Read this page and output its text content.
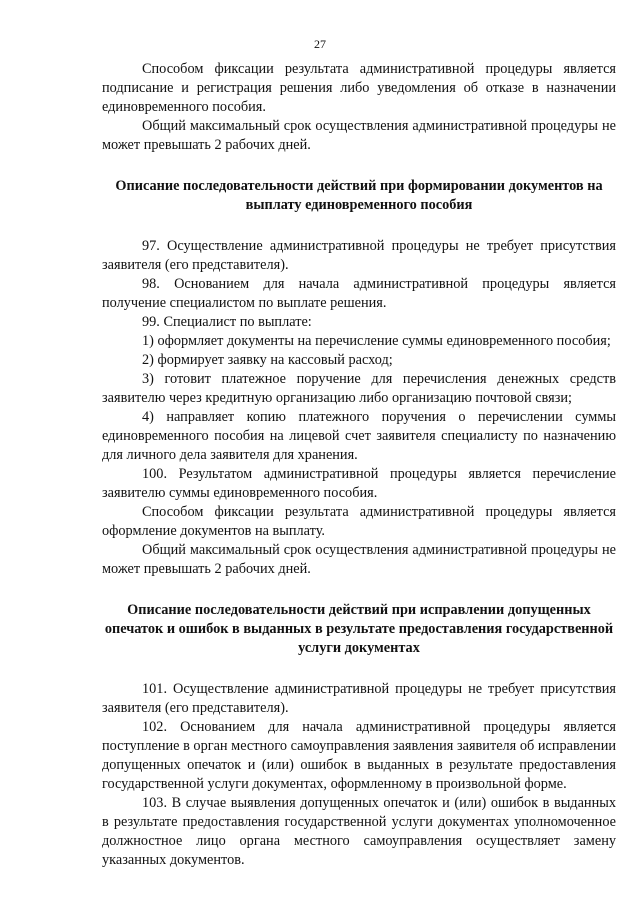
27

Способом фиксации результата административной процедуры является подписание и регистрация решения либо уведомления об отказе в назначении единовременного пособия.

Общий максимальный срок осуществления административной процедуры не может превышать 2 рабочих дней.

Описание последовательности действий при формировании документов на выплату единовременного пособия

97. Осуществление административной процедуры не требует присутствия заявителя (его представителя).

98. Основанием для начала административной процедуры является получение специалистом по выплате решения.

99. Специалист по выплате:

1) оформляет документы на перечисление суммы единовременного пособия;

2) формирует заявку на кассовый расход;

3) готовит платежное поручение для перечисления денежных средств заявителю через кредитную организацию либо организацию почтовой связи;

4) направляет копию платежного поручения о перечислении суммы единовременного пособия на лицевой счет заявителя специалисту по назначению для личного дела заявителя для хранения.

100. Результатом административной процедуры является перечисление заявителю суммы единовременного пособия.

Способом фиксации результата административной процедуры является оформление документов на выплату.

Общий максимальный срок осуществления административной процедуры не может превышать 2 рабочих дней.

Описание последовательности действий при исправлении допущенных опечаток и ошибок в выданных в результате предоставления государственной услуги документах

101. Осуществление административной процедуры не требует присутствия заявителя (его представителя).

102. Основанием для начала административной процедуры является поступление в орган местного самоуправления заявления заявителя об исправлении допущенных опечаток и (или) ошибок в выданных в результате предоставления государственной услуги документах, оформленному в произвольной форме.

103. В случае выявления допущенных опечаток и (или) ошибок в выданных в результате предоставления государственной услуги документах уполномоченное должностное лицо органа местного самоуправления осуществляет замену указанных документов.
